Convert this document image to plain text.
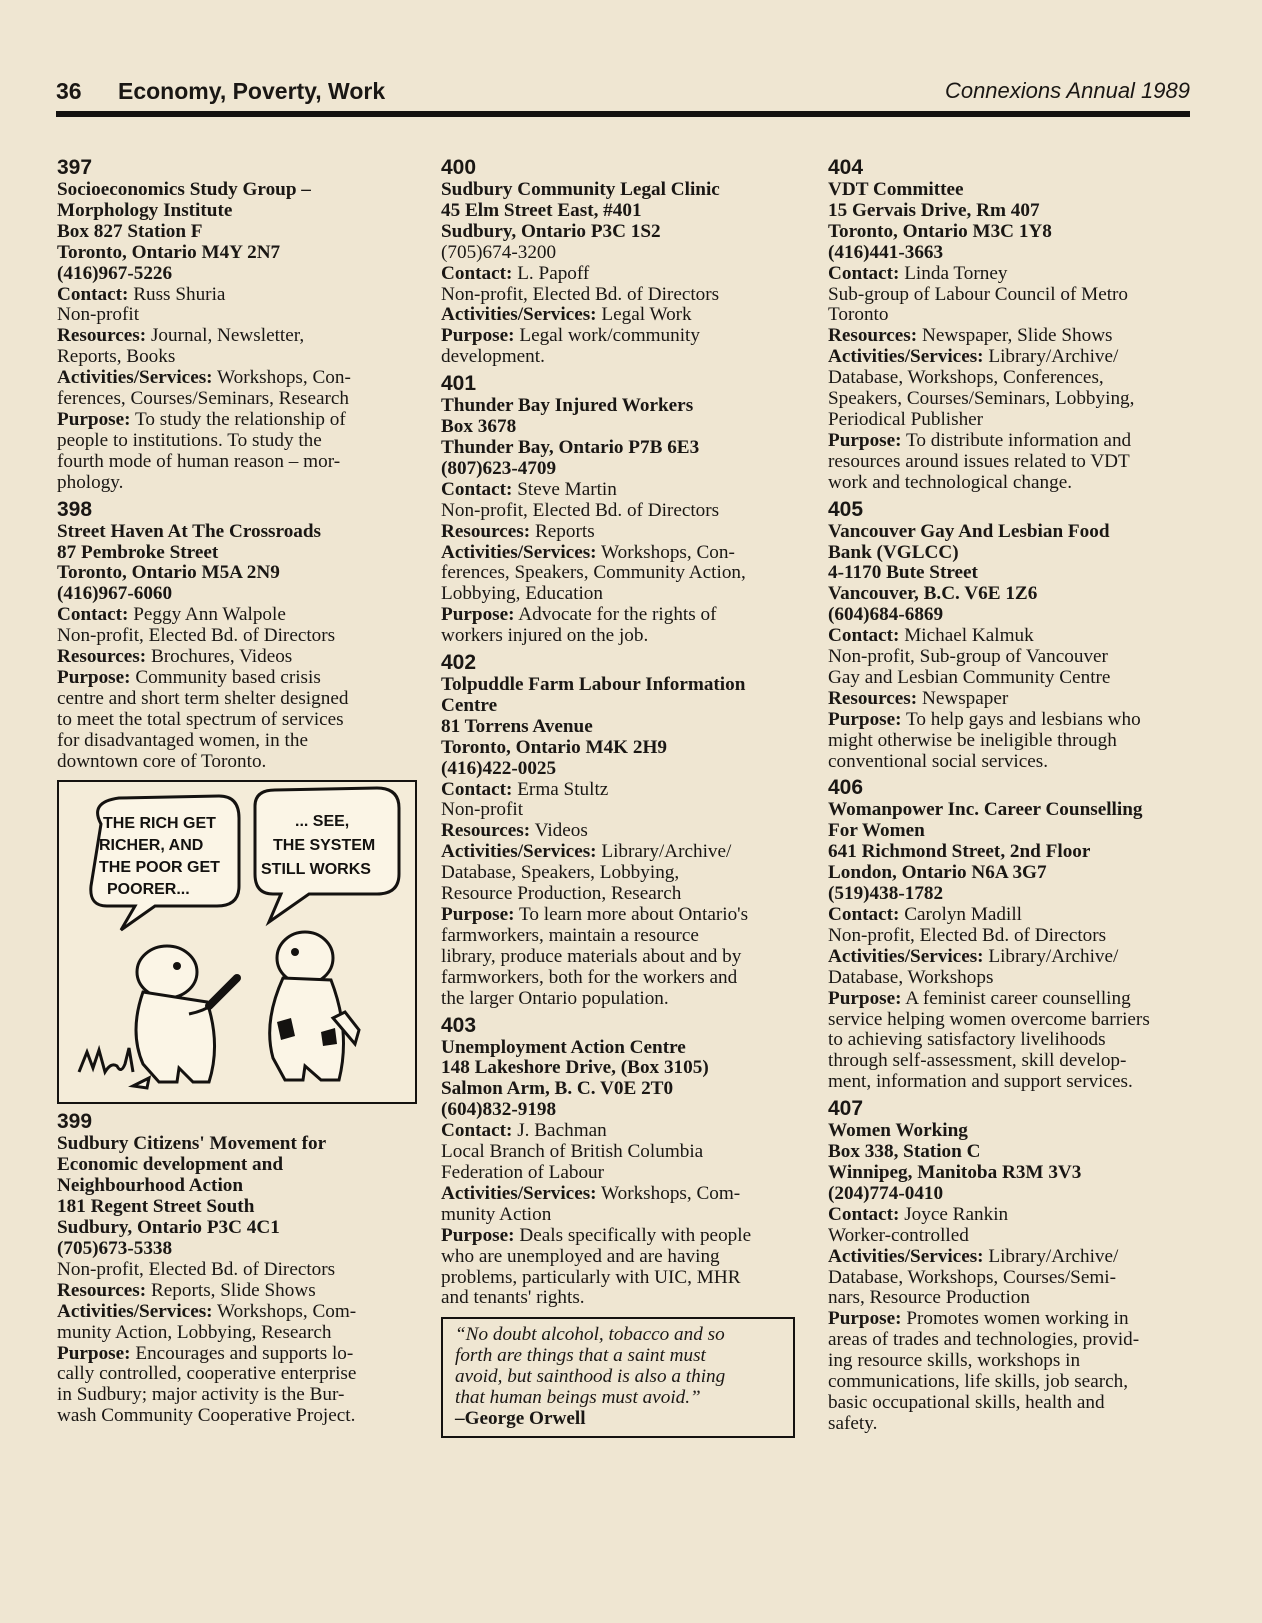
36 Economy, Poverty, Work	Connexions Annual 1989
397
Socioeconomics Study Group –
Morphology Institute
Box 827 Station F
Toronto, Ontario M4Y 2N7
(416)967-5226
Contact: Russ Shuria
Non-profit
Resources: Journal, Newsletter,
Reports, Books
Activities/Services: Workshops, Con-
ferences, Courses/Seminars, Research
Purpose: To study the relationship of
people to institutions. To study the
fourth mode of human reason – mor-
phology.
398
Street Haven At The Crossroads
87 Pembroke Street
Toronto, Ontario M5A 2N9
(416)967-6060
Contact: Peggy Ann Walpole
Non-profit, Elected Bd. of Directors
Resources: Brochures, Videos
Purpose: Community based crisis
centre and short term shelter designed
to meet the total spectrum of services
for disadvantaged women, in the
downtown core of Toronto.
THE RICH GET
RICHER, AND
THE POOR GET
POORER...
... SEE,
THE SYSTEM
STILL WORKS
Mal
399
Sudbury Citizens' Movement for
Economic development and
Neighbourhood Action
181 Regent Street South
Sudbury, Ontario P3C 4C1
(705)673-5338
Non-profit, Elected Bd. of Directors
Resources: Reports, Slide Shows
Activities/Services: Workshops, Com-
munity Action, Lobbying, Research
Purpose: Encourages and supports lo-
cally controlled, cooperative enterprise
in Sudbury; major activity is the Bur-
wash Community Cooperative Project.
400
Sudbury Community Legal Clinic
45 Elm Street East, #401
Sudbury, Ontario P3C 1S2
(705)674-3200
Contact: L. Papoff
Non-profit, Elected Bd. of Directors
Activities/Services: Legal Work
Purpose: Legal work/community
development.
401
Thunder Bay Injured Workers
Box 3678
Thunder Bay, Ontario P7B 6E3
(807)623-4709
Contact: Steve Martin
Non-profit, Elected Bd. of Directors
Resources: Reports
Activities/Services: Workshops, Con-
ferences, Speakers, Community Action,
Lobbying, Education
Purpose: Advocate for the rights of
workers injured on the job.
402
Tolpuddle Farm Labour Information
Centre
81 Torrens Avenue
Toronto, Ontario M4K 2H9
(416)422-0025
Contact: Erma Stultz
Non-profit
Resources: Videos
Activities/Services: Library/Archive/
Database, Speakers, Lobbying,
Resource Production, Research
Purpose: To learn more about Ontario's
farmworkers, maintain a resource
library, produce materials about and by
farmworkers, both for the workers and
the larger Ontario population.
403
Unemployment Action Centre
148 Lakeshore Drive, (Box 3105)
Salmon Arm, B. C. V0E 2T0
(604)832-9198
Contact: J. Bachman
Local Branch of British Columbia
Federation of Labour
Activities/Services: Workshops, Com-
munity Action
Purpose: Deals specifically with people
who are unemployed and are having
problems, particularly with UIC, MHR
and tenants' rights.
“No doubt alcohol, tobacco and so
forth are things that a saint must
avoid, but sainthood is also a thing
that human beings must avoid.”
–George Orwell
404
VDT Committee
15 Gervais Drive, Rm 407
Toronto, Ontario M3C 1Y8
(416)441-3663
Contact: Linda Torney
Sub-group of Labour Council of Metro
Toronto
Resources: Newspaper, Slide Shows
Activities/Services: Library/Archive/
Database, Workshops, Conferences,
Speakers, Courses/Seminars, Lobbying,
Periodical Publisher
Purpose: To distribute information and
resources around issues related to VDT
work and technological change.
405
Vancouver Gay And Lesbian Food
Bank (VGLCC)
4-1170 Bute Street
Vancouver, B.C. V6E 1Z6
(604)684-6869
Contact: Michael Kalmuk
Non-profit, Sub-group of Vancouver
Gay and Lesbian Community Centre
Resources: Newspaper
Purpose: To help gays and lesbians who
might otherwise be ineligible through
conventional social services.
406
Womanpower Inc. Career Counselling
For Women
641 Richmond Street, 2nd Floor
London, Ontario N6A 3G7
(519)438-1782
Contact: Carolyn Madill
Non-profit, Elected Bd. of Directors
Activities/Services: Library/Archive/
Database, Workshops
Purpose: A feminist career counselling
service helping women overcome barriers
to achieving satisfactory livelihoods
through self-assessment, skill develop-
ment, information and support services.
407
Women Working
Box 338, Station C
Winnipeg, Manitoba R3M 3V3
(204)774-0410
Contact: Joyce Rankin
Worker-controlled
Activities/Services: Library/Archive/
Database, Workshops, Courses/Semi-
nars, Resource Production
Purpose: Promotes women working in
areas of trades and technologies, provid-
ing resource skills, workshops in
communications, life skills, job search,
basic occupational skills, health and
safety.
